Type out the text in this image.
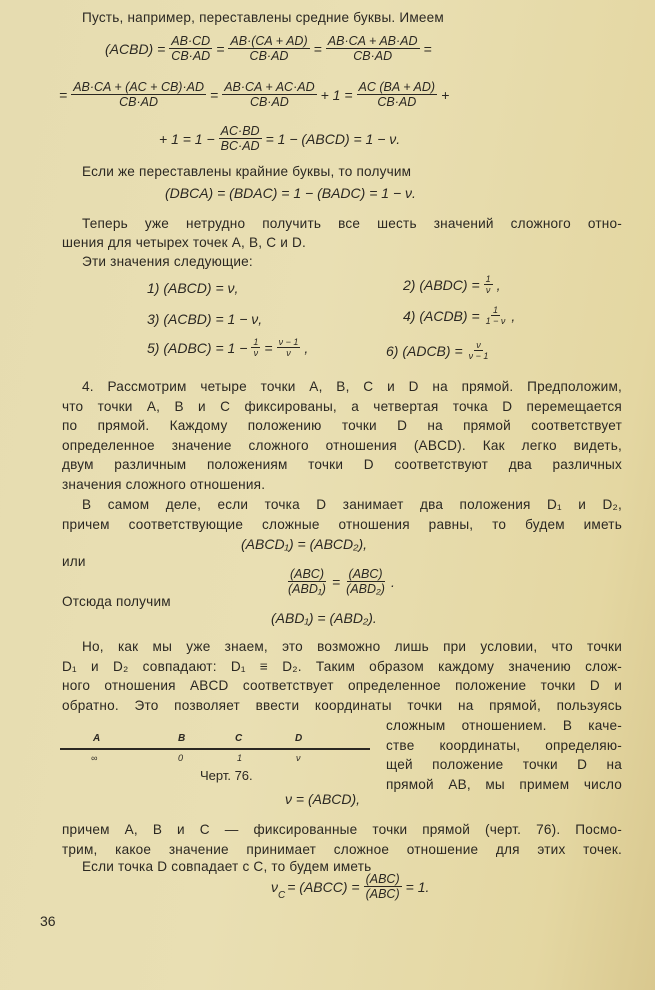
Пусть, например, переставлены средние буквы. Имеем
(ACBD) = $\frac{AB\cdot CD}{CB\cdot AD} = \frac{AB\cdot(CA + AD)}{CB\cdot AD} = \frac{AB\cdot CA + AB\cdot AD}{CB\cdot AD}$ =
= $\frac{AB\cdot CA + (AC + CB)\cdot AD}{CB\cdot AD} = \frac{AB\cdot CA + AC\cdot AD}{CB\cdot AD} + 1 = \frac{AC (BA + AD)}{CB\cdot AD}$ +
+ $1 = 1 - \frac{AC\cdot BD}{BC\cdot AD} = 1$ − (ABCD) = 1 − ν.
Если же переставлены крайние буквы, то получим
(DBCA) = (BDAC) = 1 − (BADC) = 1 − ν.
Теперь уже нетрудно получить все шесть значений сложного отно-
шения для четырех точек A, B, C и D.
Эти значения следующие:
1) (ABCD) = ν,	2) (ABDC) = $\frac{1}{\nu}$ ,
3) (ACBD) = 1 − ν,	4) (ACDB) = $\frac{1}{1 - \nu}$ ,
5) (ADBC) = $1 - \frac{1}{\nu} = \frac{\nu - 1}{\nu}$ ,	6) (ADCB) = $\frac{\nu}{\nu - 1}$
4. Рассмотрим четыре точки A, B, C и D на прямой. Предположим,
что точки A, B и C фиксированы, а четвертая точка D перемещается
по прямой. Каждому положению точки D на прямой соответствует
определенное значение сложного отношения (ABCD). Как легко видеть,
двум различным положениям точки D соответствуют два различных
значения сложного отношения.
В самом деле, если точка D занимает два положения D₁ и D₂,
причем соответствующие сложные отношения равны, то будем иметь
(ABCD₁) = (ABCD₂),
или
(ABC)
(ABD₁) = (ABC)
(ABD₂) .
Отсюда получим
(ABD₁) = (ABD₂).
Но, как мы уже знаем, это возможно лишь при условии, что точки
D₁ и D₂ совпадают: D₁ ≡ D₂. Таким образом каждому значению слож-
ного отношения ABCD соответствует определенное положение точки D и
обратно. Это позволяет ввести координаты точки на прямой, пользуясь
сложным отношением. В каче-
стве координаты, определяю-
щей положение точки D на
прямой AB, мы примем число
A	B	C	D
∞	0	1	ν
Черт. 76.
ν = (ABCD),
причем A, B и C — фиксированные точки прямой (черт. 76). Посмо-
трим, какое значение принимает сложное отношение для этих точек.
Если точка D совпадает с C, то будем иметь
ν
C
= (ABCC) = (ABC)
(ABC) = 1.
36
